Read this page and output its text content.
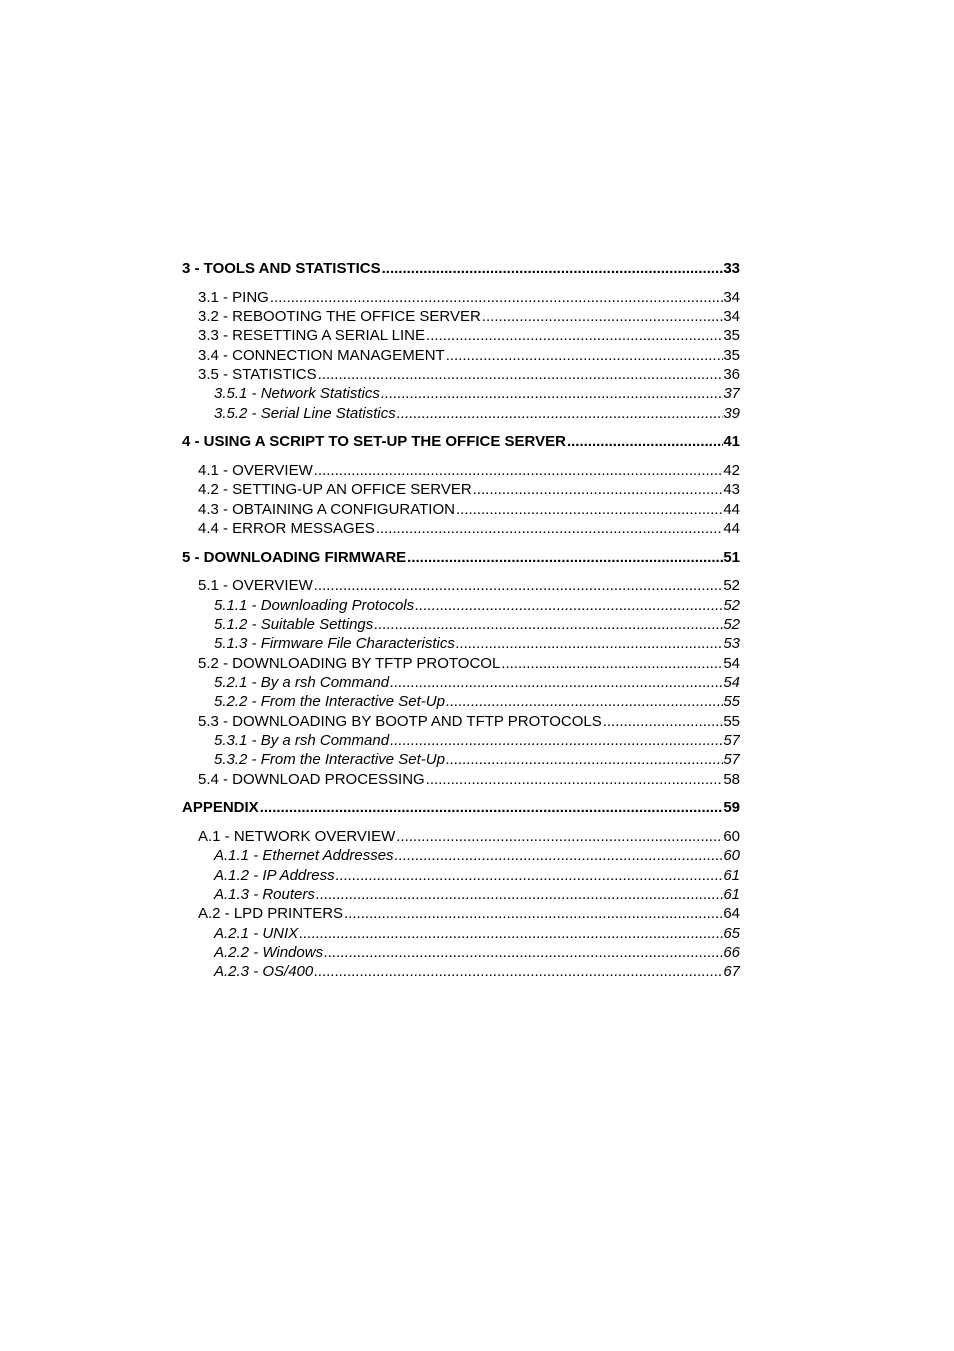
3 - TOOLS AND STATISTICS .....	33
3.1 - PING .....	34
3.2 - REBOOTING THE OFFICE SERVER .....	34
3.3 - RESETTING A SERIAL LINE .....	35
3.4 - CONNECTION MANAGEMENT .....	35
3.5 - STATISTICS .....	36
3.5.1 - Network Statistics .....	37
3.5.2 - Serial Line Statistics .....	39
4 - USING A SCRIPT TO SET-UP THE OFFICE SERVER .....	41
4.1 - OVERVIEW .....	42
4.2 - SETTING-UP AN OFFICE SERVER .....	43
4.3 - OBTAINING A CONFIGURATION .....	44
4.4 - ERROR MESSAGES .....	44
5 - DOWNLOADING FIRMWARE .....	51
5.1 - OVERVIEW .....	52
5.1.1 - Downloading Protocols .....	52
5.1.2 - Suitable Settings .....	52
5.1.3 - Firmware File Characteristics .....	53
5.2 - DOWNLOADING BY TFTP PROTOCOL .....	54
5.2.1 - By a rsh Command .....	54
5.2.2 - From the Interactive Set-Up .....	55
5.3 - DOWNLOADING BY BOOTP AND TFTP PROTOCOLS .....	55
5.3.1 - By a rsh Command .....	57
5.3.2 - From the Interactive Set-Up .....	57
5.4 - DOWNLOAD PROCESSING .....	58
APPENDIX .....	59
A.1 - NETWORK OVERVIEW .....	60
A.1.1 - Ethernet Addresses .....	60
A.1.2 - IP Address .....	61
A.1.3 - Routers .....	61
A.2 - LPD PRINTERS .....	64
A.2.1 - UNIX .....	65
A.2.2 - Windows .....	66
A.2.3 - OS/400 .....	67
